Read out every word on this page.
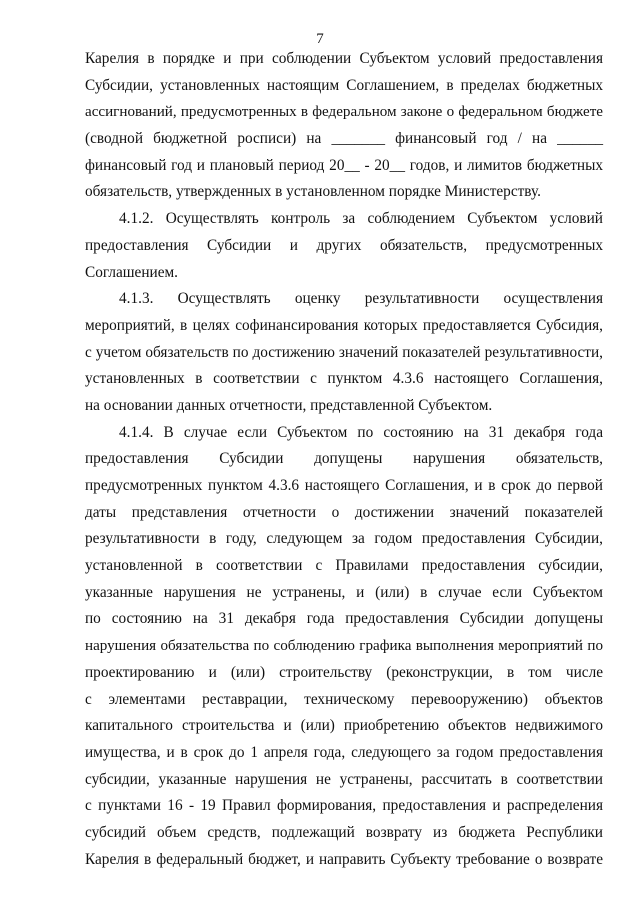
7
Карелия в порядке и при соблюдении Субъектом условий предоставления
Субсидии, установленных настоящим Соглашением, в пределах бюджетных
ассигнований, предусмотренных в федеральном законе о федеральном бюджете
(сводной бюджетной росписи) на _______ финансовый год / на ______
финансовый год и плановый период 20__ - 20__ годов, и лимитов бюджетных
обязательств, утвержденных в установленном порядке Министерству.
4.1.2. Осуществлять контроль за соблюдением Субъектом условий
предоставления Субсидии и других обязательств, предусмотренных
Соглашением.
4.1.3. Осуществлять оценку результативности осуществления
мероприятий, в целях софинансирования которых предоставляется Субсидия,
с учетом обязательств по достижению значений показателей результативности,
установленных в соответствии с пунктом 4.3.6 настоящего Соглашения,
на основании данных отчетности, представленной Субъектом.
4.1.4. В случае если Субъектом по состоянию на 31 декабря года
предоставления Субсидии допущены нарушения обязательств,
предусмотренных пунктом 4.3.6 настоящего Соглашения, и в срок до первой
даты представления отчетности о достижении значений показателей
результативности в году, следующем за годом предоставления Субсидии,
установленной в соответствии с Правилами предоставления субсидии,
указанные нарушения не устранены, и (или) в случае если Субъектом
по состоянию на 31 декабря года предоставления Субсидии допущены
нарушения обязательства по соблюдению графика выполнения мероприятий по
проектированию и (или) строительству (реконструкции, в том числе
с элементами реставрации, техническому перевооружению) объектов
капитального строительства и (или) приобретению объектов недвижимого
имущества, и в срок до 1 апреля года, следующего за годом предоставления
субсидии, указанные нарушения не устранены, рассчитать в соответствии
с пунктами 16 - 19 Правил формирования, предоставления и распределения
субсидий объем средств, подлежащий возврату из бюджета Республики
Карелия в федеральный бюджет, и направить Субъекту требование о возврате
